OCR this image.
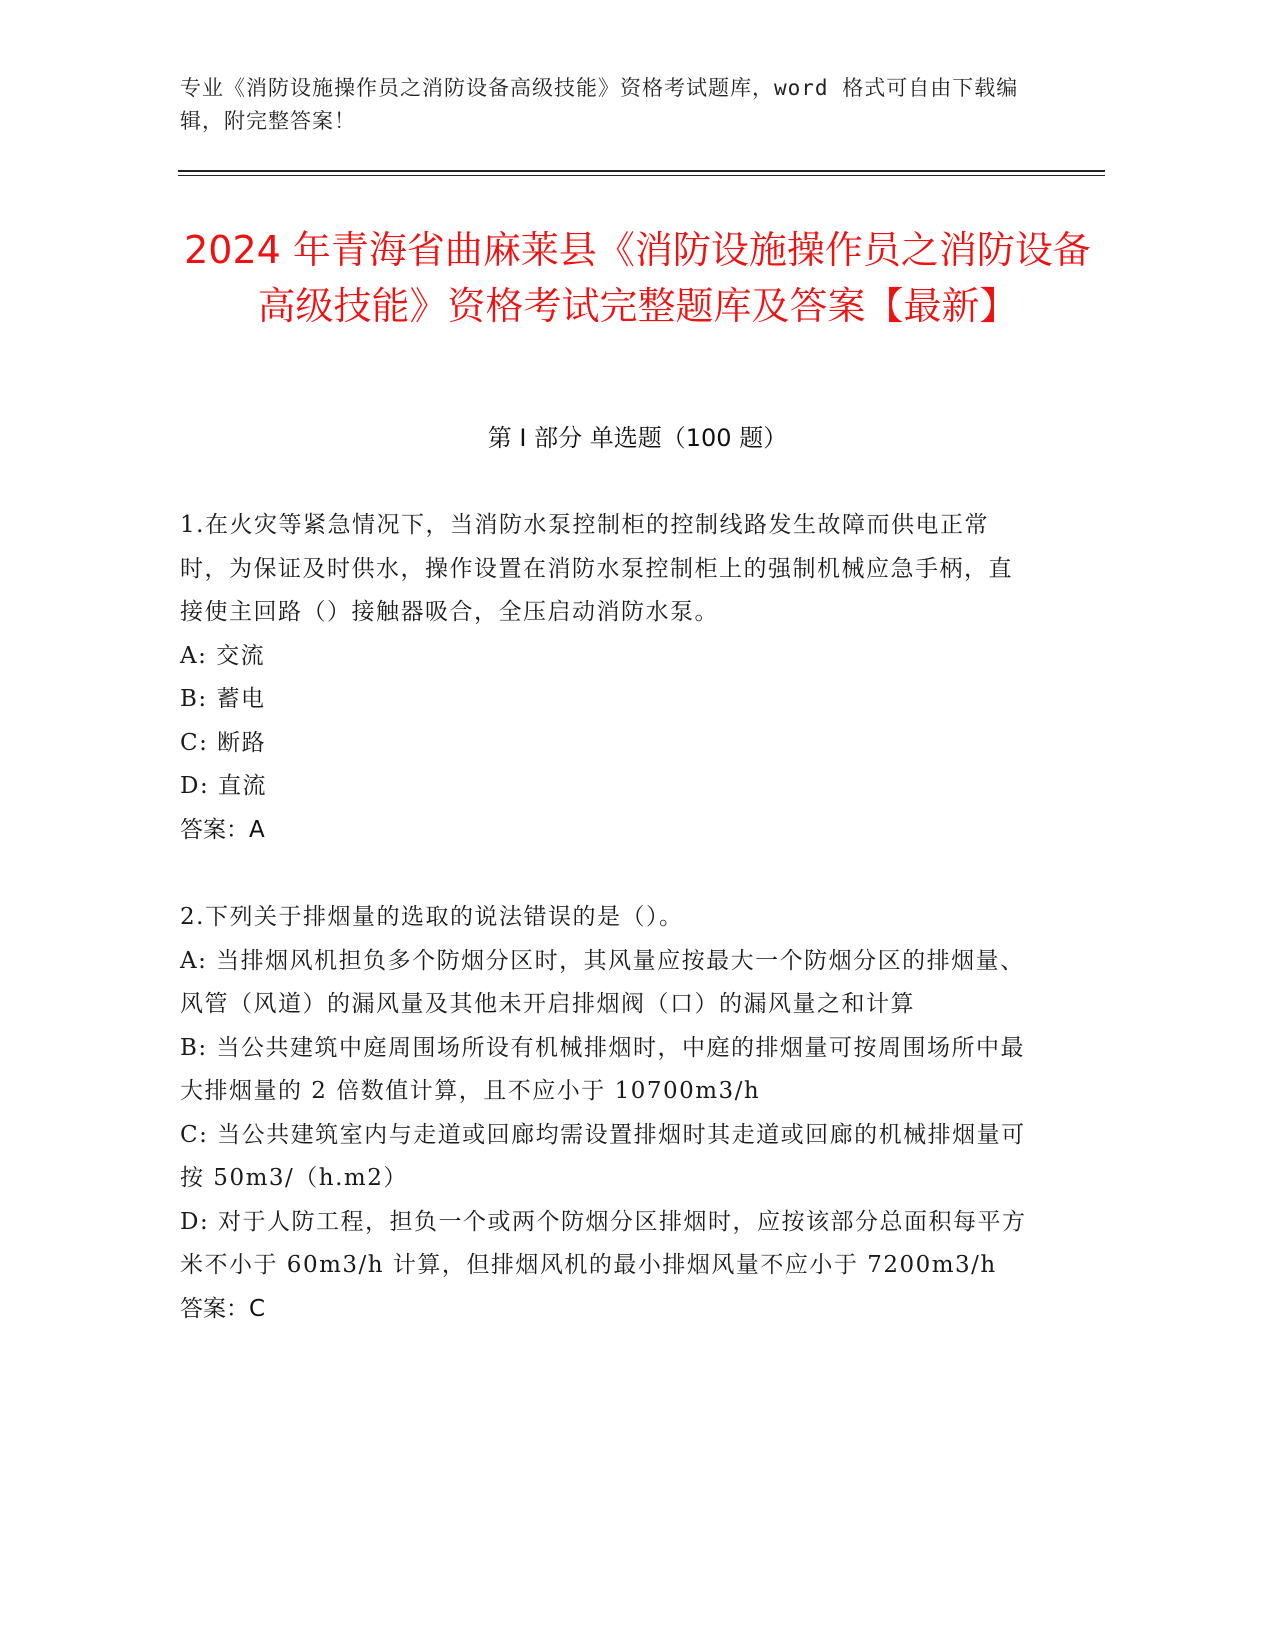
专业《消防设施操作员之消防设备高级技能》资格考试题库，word 格式可自由下载编辑，附完整答案！
2024 年青海省曲麻莱县《消防设施操作员之消防设备高级技能》资格考试完整题库及答案【最新】
第 I 部分 单选题（100 题）

1.在火灾等紧急情况下，当消防水泵控制柜的控制线路发生故障而供电正常时，为保证及时供水，操作设置在消防水泵控制柜上的强制机械应急手柄，直接使主回路（）接触器吸合，全压启动消防水泵。

A: 交流

B: 蓄电

C: 断路

D: 直流

答案：A

2.下列关于排烟量的选取的说法错误的是（）。

A: 当排烟风机担负多个防烟分区时，其风量应按最大一个防烟分区的排烟量、风管（风道）的漏风量及其他未开启排烟阀（口）的漏风量之和计算

B: 当公共建筑中庭周围场所设有机械排烟时，中庭的排烟量可按周围场所中最大排烟量的 2 倍数值计算，且不应小于 10700m3/h

C: 当公共建筑室内与走道或回廊均需设置排烟时其走道或回廊的机械排烟量可按 50m3/（h.m2）

D: 对于人防工程，担负一个或两个防烟分区排烟时，应按该部分总面积每平方米不小于 60m3/h 计算，但排烟风机的最小排烟风量不应小于 7200m3/h

答案：C
